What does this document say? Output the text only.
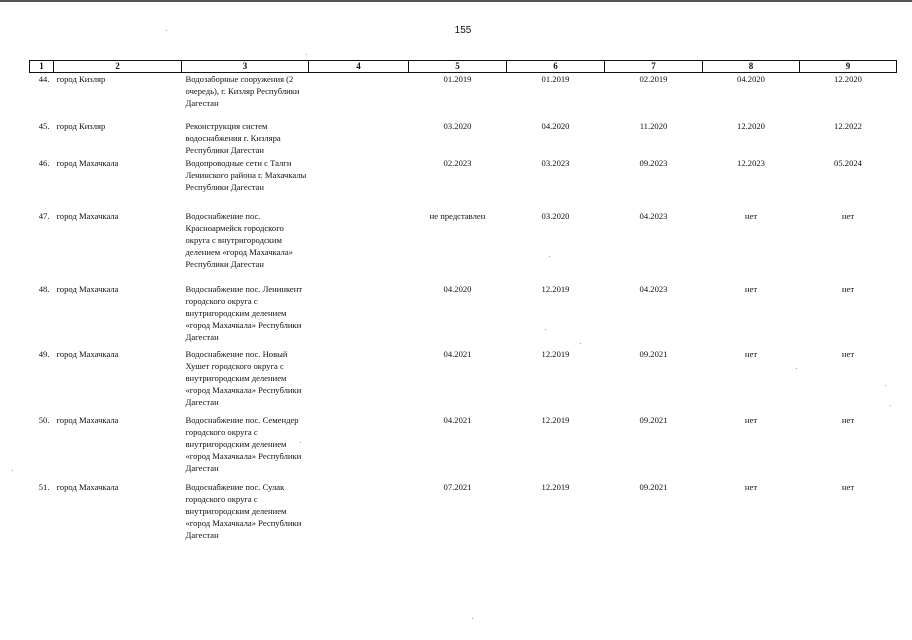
155
1	2	3	4	5	6	7	8	9
44.	город Кизляр	Водозаборные сооружения (2 очередь), г. Кизляр Республики Дагестан		01.2019	01.2019	02.2019	04.2020	12.2020
45.	город Кизляр	Реконструкция систем водоснабжения г. Кизляра Республики Дагестан		03.2020	04.2020	11.2020	12.2020	12.2022
46.	город Махачкала	Водопроводные сети с Талги Ленинского района г. Махачкалы Республики Дагестан		02.2023	03.2023	09.2023	12.2023	05.2024
47.	город Махачкала	Водоснабжение пос. Красноармейск городского округа с внутригородским делением «город Махачкала» Республики Дагестан		не представлен	03.2020	04.2023	нет	нет
48.	город Махачкала	Водоснабжение пос. Ленинкент городского округа с внутригородским делением «город Махачкала» Республики Дагестан		04.2020	12.2019	04.2023	нет	нет
49.	город Махачкала	Водоснабжение пос. Новый Хушет городского округа с внутригородским делением «город Махачкала» Республики Дагестан		04.2021	12.2019	09.2021	нет	нет
50.	город Махачкала	Водоснабжение пос. Семендер городского округа с внутригородским делением «город Махачкала» Республики Дагестан		04.2021	12.2019	09.2021	нет	нет
51.	город Махачкала	Водоснабжение пос. Сулак городского округа с внутригородским делением «город Махачкала» Республики Дагестан		07.2021	12.2019	09.2021	нет	нет
